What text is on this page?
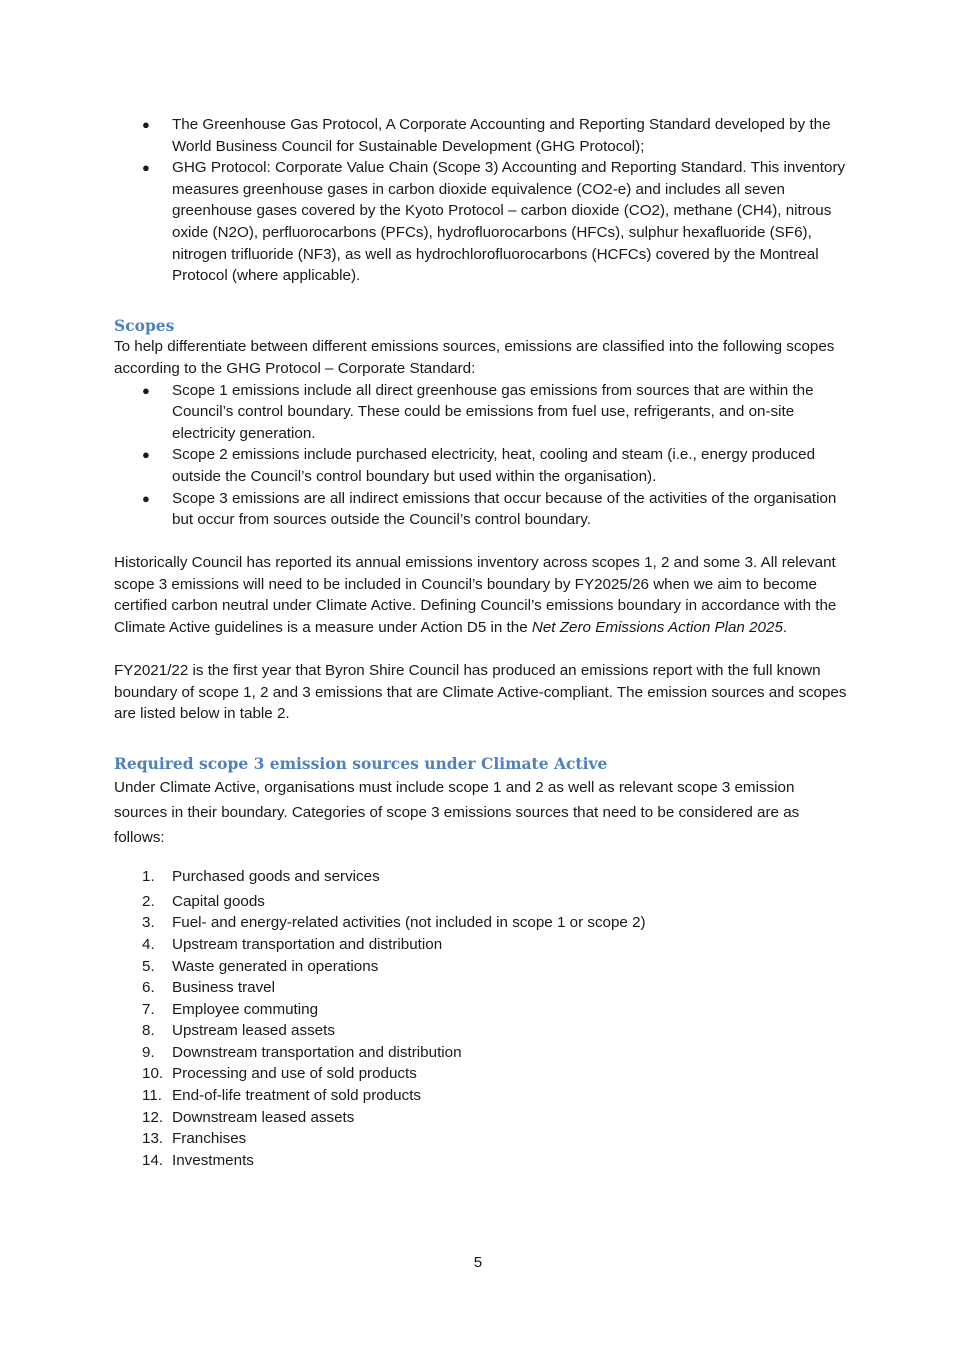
● The Greenhouse Gas Protocol, A Corporate Accounting and Reporting Standard developed by the World Business Council for Sustainable Development (GHG Protocol);
● GHG Protocol: Corporate Value Chain (Scope 3) Accounting and Reporting Standard. This inventory measures greenhouse gases in carbon dioxide equivalence (CO2-e) and includes all seven greenhouse gases covered by the Kyoto Protocol – carbon dioxide (CO2), methane (CH4), nitrous oxide (N2O), perfluorocarbons (PFCs), hydrofluorocarbons (HFCs), sulphur hexafluoride (SF6), nitrogen trifluoride (NF3), as well as hydrochlorofluorocarbons (HCFCs) covered by the Montreal Protocol (where applicable).
Scopes

To help differentiate between different emissions sources, emissions are classified into the following scopes according to the GHG Protocol – Corporate Standard:

● Scope 1 emissions include all direct greenhouse gas emissions from sources that are within the Council’s control boundary. These could be emissions from fuel use, refrigerants, and on-site electricity generation.
● Scope 2 emissions include purchased electricity, heat, cooling and steam (i.e., energy produced outside the Council’s control boundary but used within the organisation).
● Scope 3 emissions are all indirect emissions that occur because of the activities of the organisation but occur from sources outside the Council’s control boundary.

Historically Council has reported its annual emissions inventory across scopes 1, 2 and some 3. All relevant scope 3 emissions will need to be included in Council’s boundary by FY2025/26 when we aim to become certified carbon neutral under Climate Active. Defining Council’s emissions boundary in accordance with the Climate Active guidelines is a measure under Action D5 in the Net Zero Emissions Action Plan 2025.

FY2021/22 is the first year that Byron Shire Council has produced an emissions report with the full known boundary of scope 1, 2 and 3 emissions that are Climate Active-compliant. The emission sources and scopes are listed below in table 2.

Required scope 3 emission sources under Climate Active

Under Climate Active, organisations must include scope 1 and 2 as well as relevant scope 3 emission sources in their boundary. Categories of scope 3 emissions sources that need to be considered are as follows:

1. Purchased goods and services
2. Capital goods
3. Fuel- and energy-related activities (not included in scope 1 or scope 2)
4. Upstream transportation and distribution
5. Waste generated in operations
6. Business travel
7. Employee commuting
8. Upstream leased assets
9. Downstream transportation and distribution
10. Processing and use of sold products
11. End-of-life treatment of sold products
12. Downstream leased assets
13. Franchises
14. Investments
5
